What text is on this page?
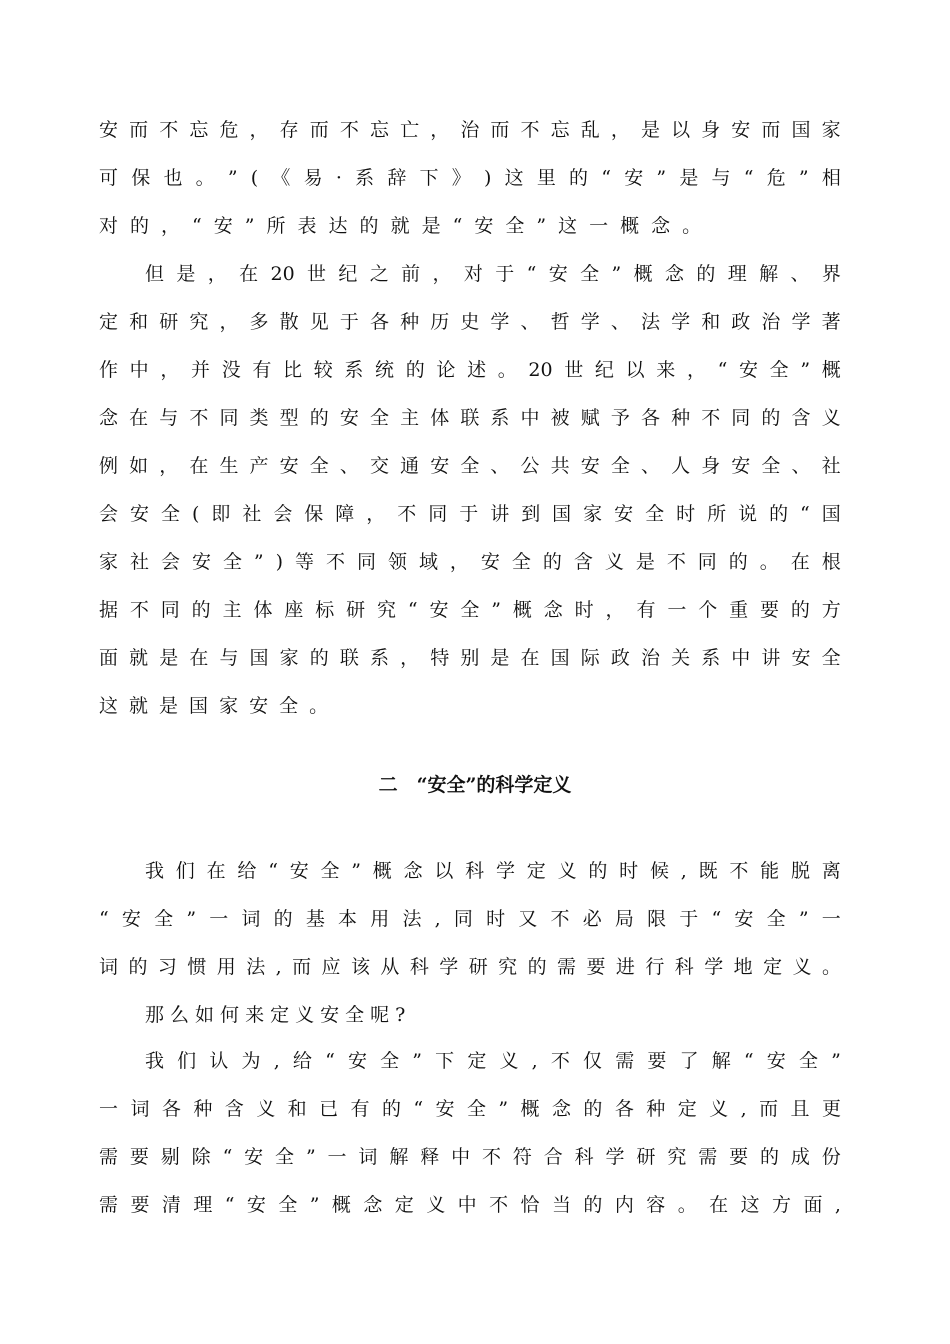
安 而 不 忘 危 ， 存 而 不 忘 亡 ， 治 而 不 忘 乱 ， 是 以 身 安 而 国 家
可 保 也 。 ” ( 《 易 · 系 辞 下 》 ) 这 里 的 “ 安 ” 是 与 “ 危 ” 相
对 的 ， “ 安 ” 所 表 达 的 就 是 “ 安 全 ” 这 一 概 念 。
但 是 ， 在 20 世 纪 之 前 ， 对 于 “ 安 全 ” 概 念 的 理 解 、 界
定 和 研 究 ， 多 散 见 于 各 种 历 史 学 、 哲 学 、 法 学 和 政 治 学 著
作 中 ， 并 没 有 比 较 系 统 的 论 述 。 20 世 纪 以 来 ， “ 安 全 ” 概
念 在 与 不 同 类 型 的 安 全 主 体 联 系 中 被 赋 予 各 种 不 同 的 含 义
例 如 ， 在 生 产 安 全 、 交 通 安 全 、 公 共 安 全 、 人 身 安 全 、 社
会 安 全 ( 即 社 会 保 障 ， 不 同 于 讲 到 国 家 安 全 时 所 说 的 “ 国
家 社 会 安 全 ” ) 等 不 同 领 域 ， 安 全 的 含 义 是 不 同 的 。 在 根
据 不 同 的 主 体 座 标 研 究 “ 安 全 ” 概 念 时 ， 有 一 个 重 要 的 方
面 就 是 在 与 国 家 的 联 系 ， 特 别 是 在 国 际 政 治 关 系 中 讲 安 全
这 就 是 国 家 安 全 。
我 们 在 给 “ 安 全 ” 概 念 以 科 学 定 义 的 时 候 , 既 不 能 脱 离
“ 安 全 ” 一 词 的 基 本 用 法 , 同 时 又 不 必 局 限 于 “ 安 全 ” 一
词 的 习 惯 用 法 , 而 应 该 从 科 学 研 究 的 需 要 进 行 科 学 地 定 义 。
那 么 如 何 来 定 义 安 全 呢 ?
我 们 认 为 , 给 “ 安 全 ” 下 定 义 , 不 仅 需 要 了 解 “ 安 全 ”
一 词 各 种 含 义 和 已 有 的 “ 安 全 ” 概 念 的 各 种 定 义 , 而 且 更
需 要 剔 除 “ 安 全 ” 一 词 解 释 中 不 符 合 科 学 研 究 需 要 的 成 份
需 要 清 理 “ 安 全 ” 概 念 定 义 中 不 恰 当 的 内 容 。 在 这 方 面 ,
二　“安全”的科学定义
